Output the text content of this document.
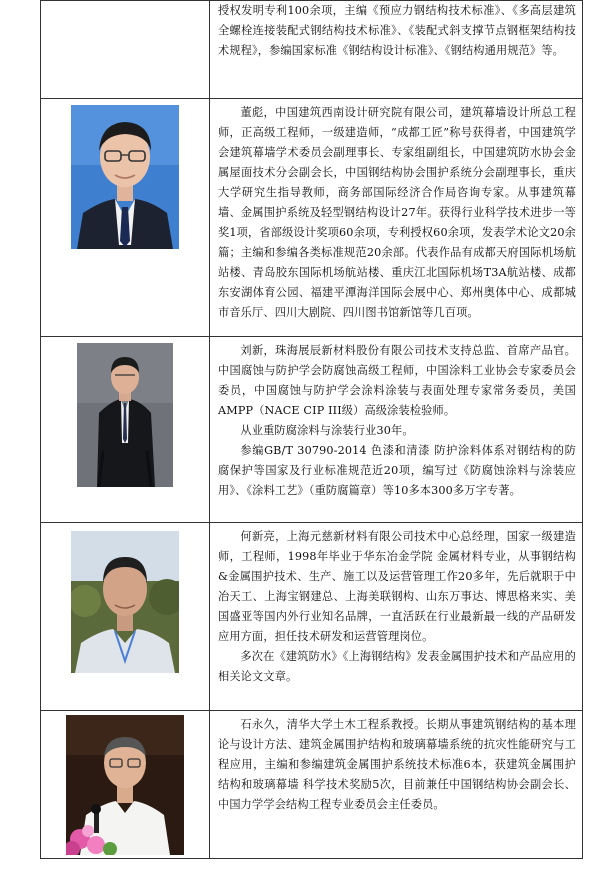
	授权发明专利100余项，主编《预应力钢结构技术标准》、《多高层建筑全螺栓连接装配式钢结构技术标准》、《装配式斜支撑节点钢框架结构技术规程》，参编国家标准《钢结构设计标准》、《钢结构通用规范》等。

董彪，中国建筑西南设计研究院有限公司，建筑幕墙设计所总工程师，正高级工程师，一级建造师，“成都工匠”称号获得者，中国建筑学会建筑幕墙学术委员会副理事长、专家组副组长，中国建筑防水协会金属屋面技术分会副会长，中国钢结构协会围护系统分会副理事长，重庆大学研究生指导教师，商务部国际经济合作局咨询专家。从事建筑幕墙、金属围护系统及轻型钢结构设计27年。获得行业科学技术进步一等奖1项，省部级设计奖项60余项，专利授权60余项，发表学术论文20余篇；主编和参编各类标准规范20余部。代表作品有成都天府国际机场航站楼、青岛胶东国际机场航站楼、重庆江北国际机场T3A航站楼、成都东安湖体育公园、福建平潭海洋国际会展中心、郑州奥体中心、成都城市音乐厅、四川大剧院、四川图书馆新馆等几百项。

刘新，珠海展辰新材料股份有限公司技术支持总监、首席产品官。中国腐蚀与防护学会防腐蚀高级工程师，中国涂料工业协会专家委员会委员，中国腐蚀与防护学会涂料涂装与表面处理专家常务委员，美国AMPP（NACE CIP III级）高级涂装检验师。

从业重防腐涂料与涂装行业30年。

参编GB/T 30790-2014 色漆和清漆 防护涂料体系对钢结构的防腐保护等国家及行业标准规范近20项，编写过《防腐蚀涂料与涂装应用》、《涂料工艺》（重防腐篇章）等10多本300多万字专著。

何新亮，上海元慈新材料有限公司技术中心总经理，国家一级建造师，工程师，1998年毕业于华东冶金学院 金属材料专业，从事钢结构&金属围护技术、生产、施工以及运营管理工作20多年，先后就职于中冶天工、上海宝钢建总、上海美联钢构、山东万事达、博思格来实、美国盛亚等国内外行业知名品牌，一直活跃在行业最新最一线的产品研发应用方面，担任技术研发和运营管理岗位。

多次在《建筑防水》《上海钢结构》发表金属围护技术和产品应用的相关论文文章。

石永久，清华大学土木工程系教授。长期从事建筑钢结构的基本理论与设计方法、建筑金属围护结构和玻璃幕墙系统的抗灾性能研究与工程应用，主编和参编建筑金属围护系统技术标准6本，获建筑金属围护结构和玻璃幕墙 科学技术奖励5次，目前兼任中国钢结构协会副会长、中国力学学会结构工程专业委员会主任委员。
